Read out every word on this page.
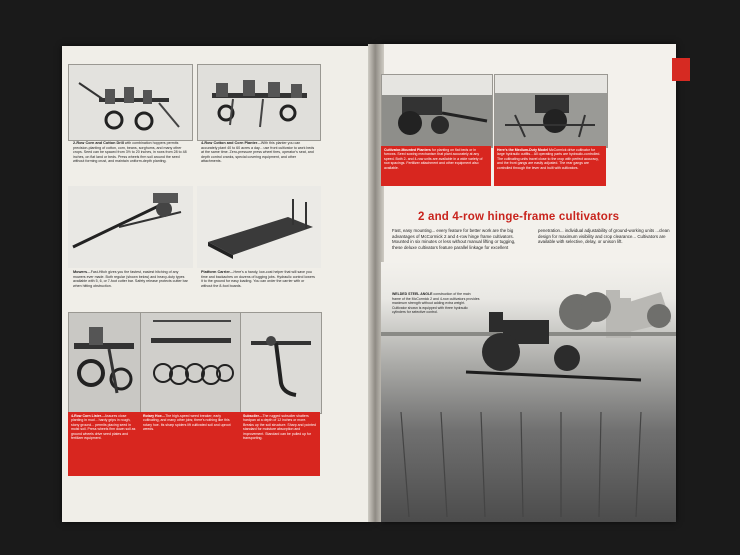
2-Row Corn and Cotton Drill with combination hoppers permits precision-planting of cotton, corn, beans, sorghums, and many other crops. Seed can be spaced from 3½ to 20 inches, in rows from 28 to 48 inches, on flat land or beds. Press wheels firm soil around the seed without forming crust, and maintain uniform-depth planting.
4-Row Cotton and Corn Planter—With this planter you can accurately plant 40 to 60 acres a day... use front cultivator to work beds at the same time. Zero-pressure press wheel tires, operator's seat, and depth control cranks, special covering equipment, and other attachments.
Mowers—Fast-Hitch gives you the fastest, easiest hitching of any mowers ever made. Both regular (shown below) and heavy-duty types available with 5, 6, or 7-foot cutter bar. Safety release protects cutter bar when hitting obstruction.
Platform Carrier—Here's a handy, low-cost helper that will save you time and backaches on dozens of lugging jobs. Hydraulic control lowers it to the ground for easy loading. You can order the carrier with or without the 8-foot boards.
4-Row Corn Lister—Assures close planting in mud... hardy grips in rough, stony ground... permits placing seed in moist soil. Press wheels firm down soil as ground wheels drive seed plates and fertilizer equipment.
Rotary Hoe—The high-speed weed breaker, early cultivating, and many other jobs; there's nothing like this rotary hoe. Its sharp spiders lift cultivated soil and uproot weeds.
Subsoiler—The rugged subsoiler shatters hardpan at a depth of 12 inches or more. Breaks up the soil structure. Sharp and pointed standard for moisture absorption and improvement. Standard can be pulled up for transporting.
Cultivator-Mounted Planters for planting on flat beds or in furrows. Seed sowing mechanism that plant accurately at any speed. Both 2- and 4-row units are available in a wide variety of row spacings. Fertilizer attachment and other equipment also available.
Here's the Medium-Duty Model McCormick drive cultivator for large hydraulic outfits... All operating parts are hydraulic-controlled. The cultivating units travel close to the crop with perfect accuracy, and the front gangs are easily adjusted. The rear gangs are controlled through the lever and built with cultivators.
2 and 4-row hinge-frame cultivators
Fast, easy mounting... every feature for better work are the big advantages of McCormick 2 and 4-row hinge frame cultivators. Mounted in six minutes or less without manual lifting or tugging, these deluxe cultivators feature parallel linkage for excellent penetration... individual adjustability of ground-working units ...clean design for maximum visibility and crop clearance... Cultivators are available with selective, delay, or unison lift.
WELDED STEEL ANGLE construction of the main frame of the McCormick 2 and 4-row cultivators provides maximum strength without adding extra weight. Cultivator shown is equipped with three hydraulic cylinders for selective control.
